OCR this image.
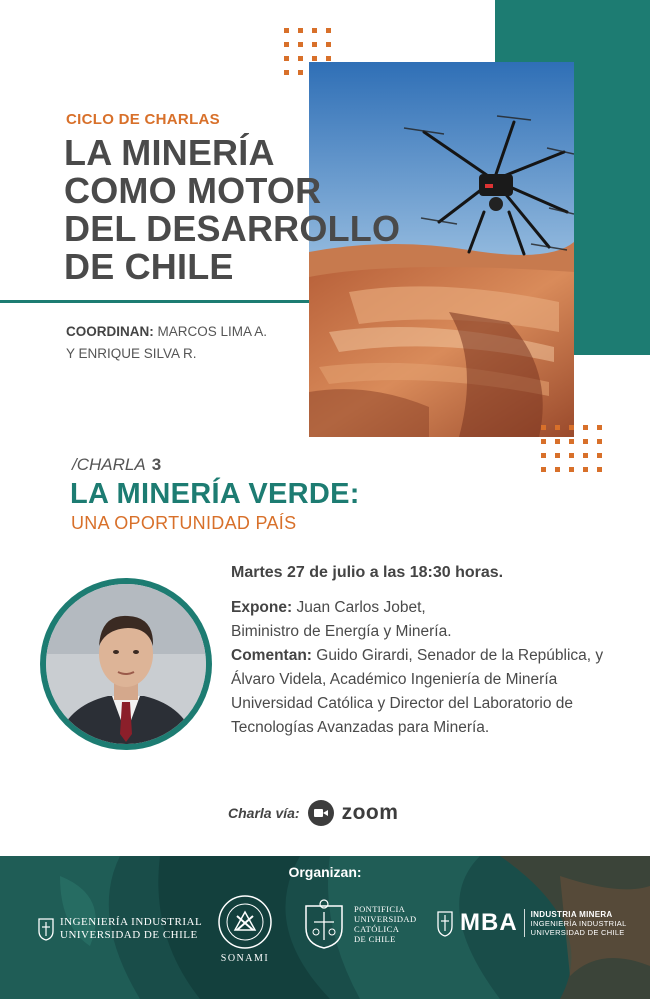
CICLO DE CHARLAS
LA MINERÍA
COMO MOTOR
DEL DESARROLLO
DE CHILE
COORDINAN: MARCOS LIMA A.
Y ENRIQUE SILVA R.
/CHARLA 3
LA MINERÍA VERDE:
UNA OPORTUNIDAD PAÍS
Martes 27 de julio a las 18:30 horas.

Expone: Juan Carlos Jobet,

Biministro de Energía y Minería.

Comentan: Guido Girardi, Senador de la República, y Álvaro Videla, Académico Ingeniería de Minería Universidad Católica y Director del Laboratorio de Tecnologías Avanzadas para Minería.

Charla vía: zoom
Organizan:
INGENIERÍA INDUSTRIAL
UNIVERSIDAD DE CHILE
SONAMI
PONTIFICIA
UNIVERSIDAD
CATÓLICA
DE CHILE
MBA INDUSTRIA MINERA
INGENIERÍA INDUSTRIAL
UNIVERSIDAD DE CHILE
